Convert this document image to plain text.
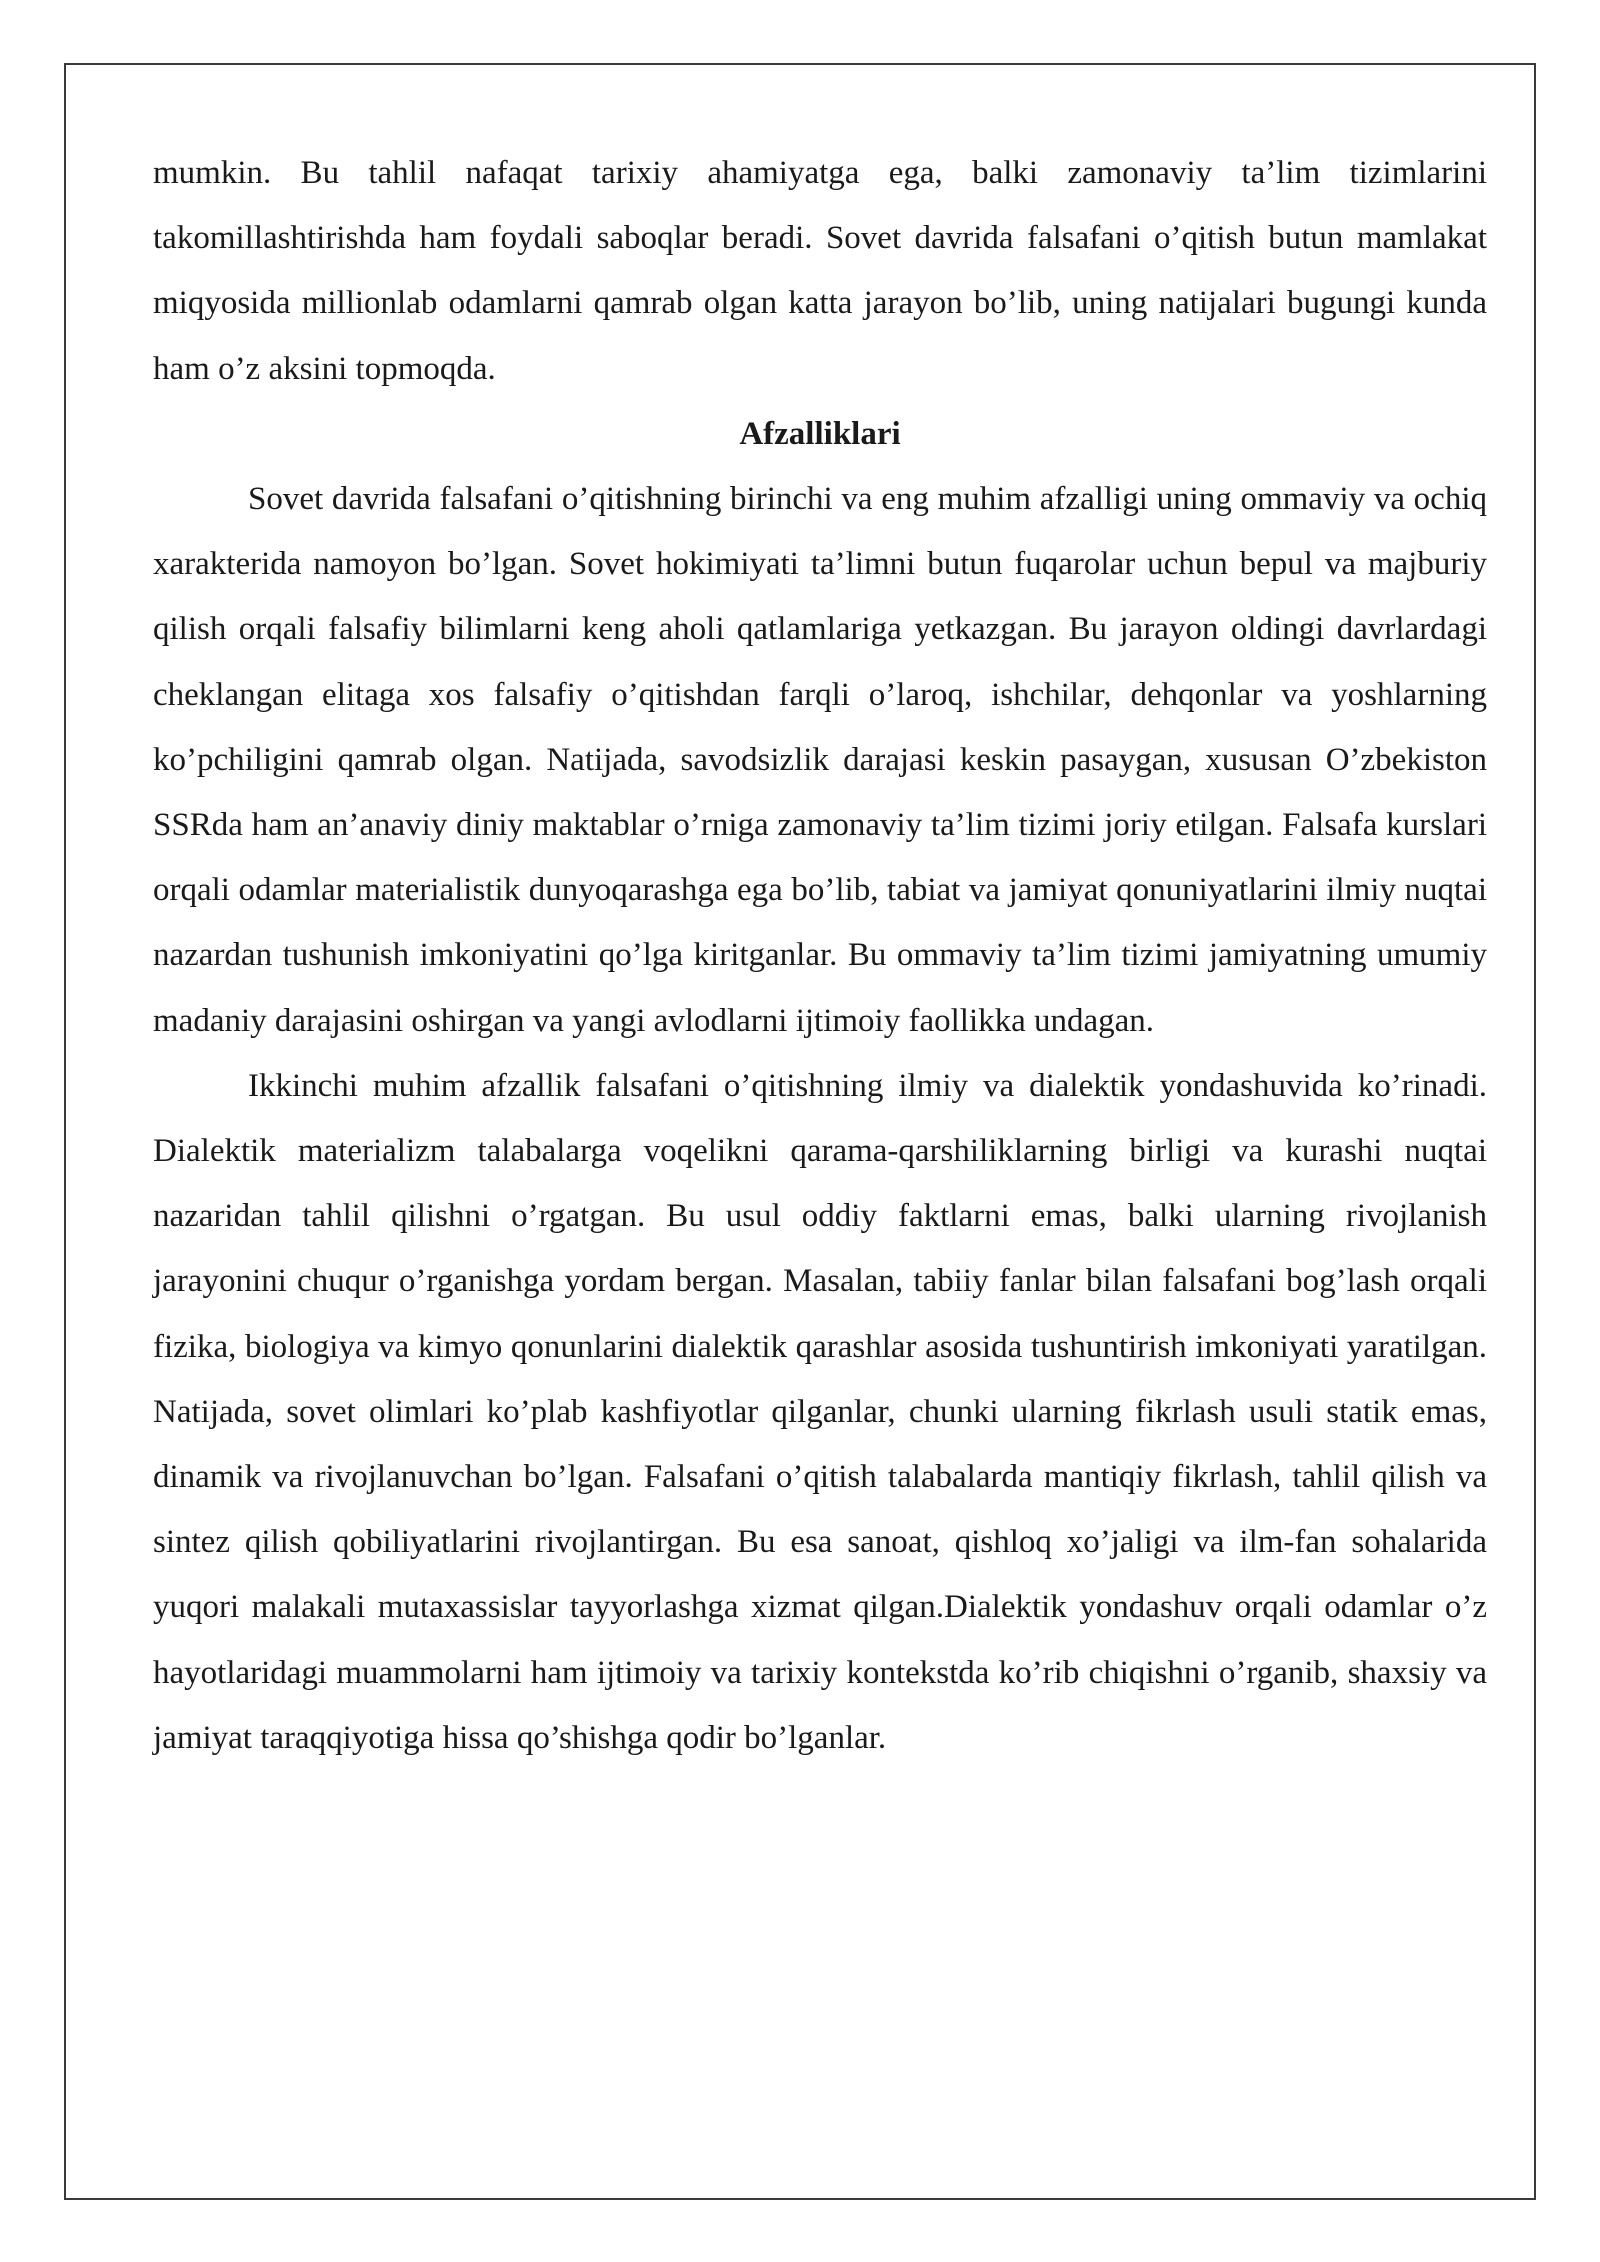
mumkin. Bu tahlil nafaqat tarixiy ahamiyatga ega, balki zamonaviy ta’lim tizimlarini takomillashtirishda ham foydali saboqlar beradi. Sovet davrida falsafani o’qitish butun mamlakat miqyosida millionlab odamlarni qamrab olgan katta jarayon bo’lib, uning natijalari bugungi kunda ham o’z aksini topmoqda.

Afzalliklari

Sovet davrida falsafani o’qitishning birinchi va eng muhim afzalligi uning ommaviy va ochiq xarakterida namoyon bo’lgan. Sovet hokimiyati ta’limni butun fuqarolar uchun bepul va majburiy qilish orqali falsafiy bilimlarni keng aholi qatlamlariga yetkazgan. Bu jarayon oldingi davrlardagi cheklangan elitaga xos falsafiy o’qitishdan farqli o’laroq, ishchilar, dehqonlar va yoshlarning ko’pchiligini qamrab olgan. Natijada, savodsizlik darajasi keskin pasaygan, xususan O’zbekiston SSRda ham an’anaviy diniy maktablar o’rniga zamonaviy ta’lim tizimi joriy etilgan. Falsafa kurslari orqali odamlar materialistik dunyoqarashga ega bo’lib, tabiat va jamiyat qonuniyatlarini ilmiy nuqtai nazardan tushunish imkoniyatini qo’lga kiritganlar. Bu ommaviy ta’lim tizimi jamiyatning umumiy madaniy darajasini oshirgan va yangi avlodlarni ijtimoiy faollikka undagan.

Ikkinchi muhim afzallik falsafani o’qitishning ilmiy va dialektik yondashuvida ko’rinadi. Dialektik materializm talabalarga voqelikni qarama-qarshiliklarning birligi va kurashi nuqtai nazaridan tahlil qilishni o’rgatgan. Bu usul oddiy faktlarni emas, balki ularning rivojlanish jarayonini chuqur o’rganishga yordam bergan. Masalan, tabiiy fanlar bilan falsafani bog’lash orqali fizika, biologiya va kimyo qonunlarini dialektik qarashlar asosida tushuntirish imkoniyati yaratilgan. Natijada, sovet olimlari ko’plab kashfiyotlar qilganlar, chunki ularning fikrlash usuli statik emas, dinamik va rivojlanuvchan bo’lgan. Falsafani o’qitish talabalarda mantiqiy fikrlash, tahlil qilish va sintez qilish qobiliyatlarini rivojlantirgan. Bu esa sanoat, qishloq xo’jaligi va ilm-fan sohalarida yuqori malakali mutaxassislar tayyorlashga xizmat qilgan.Dialektik yondashuv orqali odamlar o’z hayotlaridagi muammolarni ham ijtimoiy va tarixiy kontekstda ko’rib chiqishni o’rganib, shaxsiy va jamiyat taraqqiyotiga hissa qo’shishga qodir bo’lganlar.
